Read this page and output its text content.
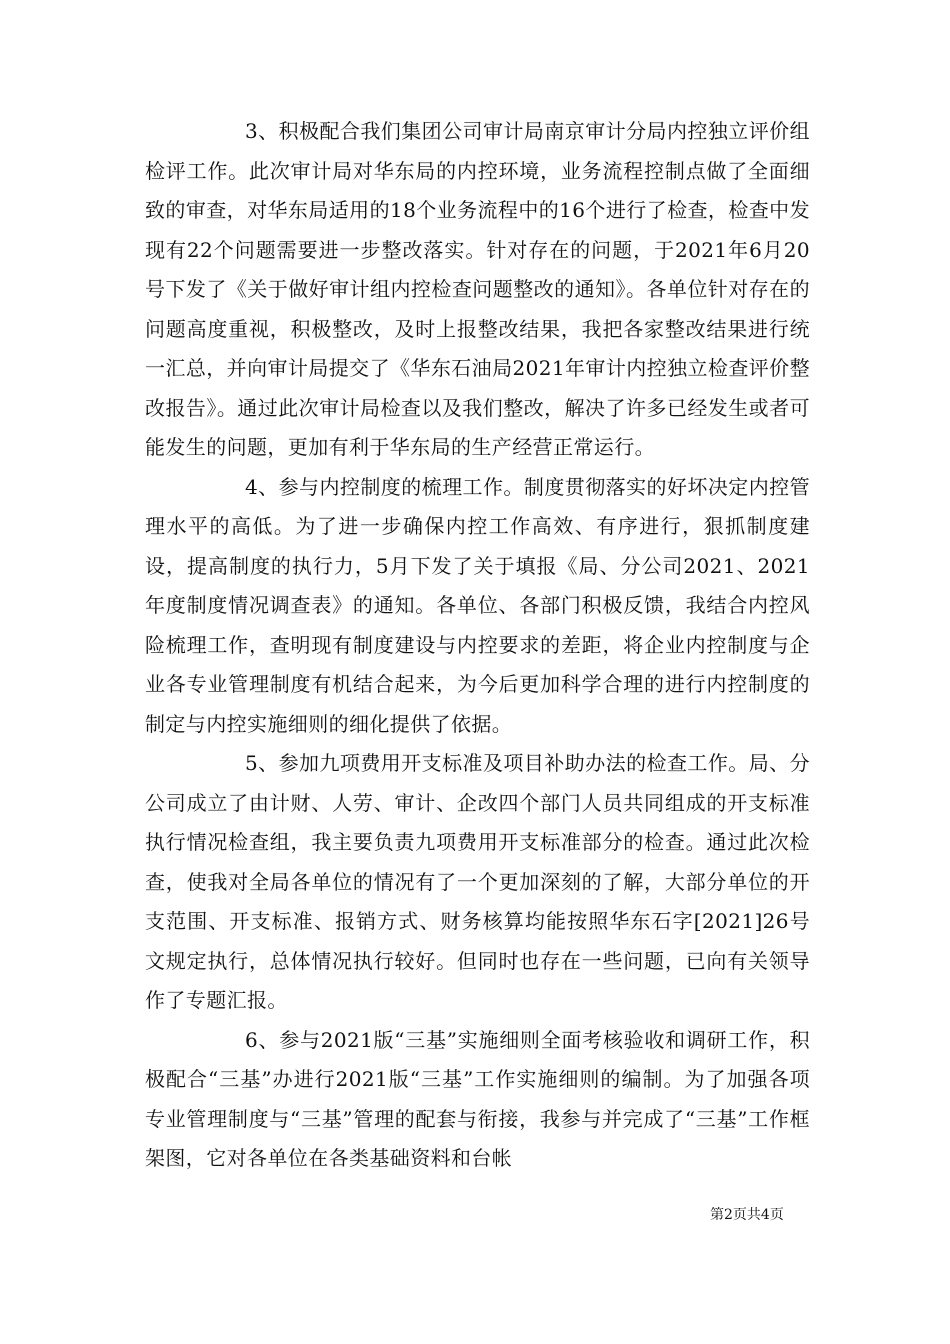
3、积极配合我们集团公司审计局南京审计分局内控独立评价组检评工作。此次审计局对华东局的内控环境，业务流程控制点做了全面细致的审查，对华东局适用的18个业务流程中的16个进行了检查，检查中发现有22个问题需要进一步整改落实。针对存在的问题，于2021年6月20号下发了《关于做好审计组内控检查问题整改的通知》。各单位针对存在的问题高度重视，积极整改，及时上报整改结果，我把各家整改结果进行统一汇总，并向审计局提交了《华东石油局2021年审计内控独立检查评价整改报告》。通过此次审计局检查以及我们整改，解决了许多已经发生或者可能发生的问题，更加有利于华东局的生产经营正常运行。

4、参与内控制度的梳理工作。制度贯彻落实的好坏决定内控管理水平的高低。为了进一步确保内控工作高效、有序进行，狠抓制度建设，提高制度的执行力，5月下发了关于填报《局、分公司2021、2021年度制度情况调查表》的通知。各单位、各部门积极反馈，我结合内控风险梳理工作，查明现有制度建设与内控要求的差距，将企业内控制度与企业各专业管理制度有机结合起来，为今后更加科学合理的进行内控制度的制定与内控实施细则的细化提供了依据。

5、参加九项费用开支标准及项目补助办法的检查工作。局、分公司成立了由计财、人劳、审计、企改四个部门人员共同组成的开支标准执行情况检查组，我主要负责九项费用开支标准部分的检查。通过此次检查，使我对全局各单位的情况有了一个更加深刻的了解，大部分单位的开支范围、开支标准、报销方式、财务核算均能按照华东石字[2021]26号文规定执行，总体情况执行较好。但同时也存在一些问题，已向有关领导作了专题汇报。

6、参与2021版“三基”实施细则全面考核验收和调研工作，积极配合“三基”办进行2021版“三基”工作实施细则的编制。为了加强各项专业管理制度与“三基”管理的配套与衔接，我参与并完成了“三基”工作框架图，它对各单位在各类基础资料和台帐

第2页共4页
